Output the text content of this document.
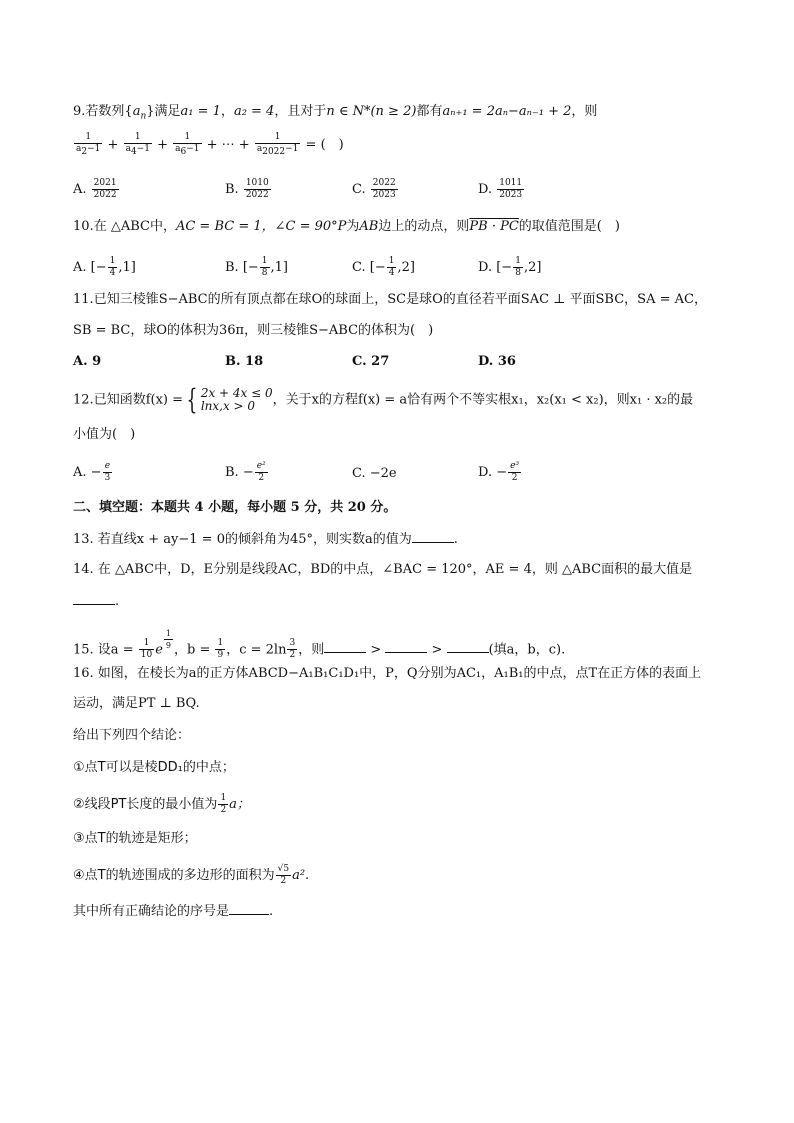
9.若数列$\{a_n\}$满足a₁ = 1，a₂ = 4，且对于n ∈ N*(n ≥ 2)都有aₙ₊₁ = 2aₙ−aₙ₋₁ + 2，则
$\frac{1}{a_2-1} + \frac{1}{a_4-1} + \frac{1}{a_6-1}$ + ⋯ + $\frac{1}{a_{2022}-1}$ = (　)
A. $\frac{2021}{2022}$	B. $\frac{1010}{2022}$	C. $\frac{2022}{2023}$	D. $\frac{1011}{2023}$
10.在 △ABC中，AC = BC = 1，∠C = 90°P为AB边上的动点，则PB · PC的取值范围是(　)
A. [− $\frac{1}{4} ,1$]	B. [− $\frac{1}{8} ,1$]	C. [− $\frac{1}{4} ,2$]	D. [− $\frac{1}{8} ,2$]
11.已知三棱锥S−ABC的所有顶点都在球O的球面上，SC是球O的直径若平面SAC ⊥ 平面SBC，SA = AC，
SB = BC，球O的体积为36π，则三棱锥S−ABC的体积为(　)
A. 9	B. 18	C. 27	D. 36
12.已知函数f(x) = { 2x + 4x ≤ 0
lnx,x > 0	，关于x的方程f(x) = a恰有两个不等实根x₁，x₂(x₁ < x₂)，则x₁ · x₂的最
小值为(　)
A. − $\frac{e}{3}$	B. − $\frac{\text{e²}}{2}$	C. −2e	D. − $\frac{\text{e³}}{2}$
二、填空题：本题共 4 小题，每小题 5 分，共 20 分。
13. 若直线x + ay−1 = 0的倾斜角为45°，则实数a的值为	.
14. 在 △ABC中，D，E分别是线段AC，BD的中点，∠BAC = 120°，AE = 4，则 △ABC面积的最大值是
.
15. 设$a = \frac{1}{10}$ e $^{\frac{1}{9}}$ ，$b = \frac{1}{9}$ ，$c = 2\ln \frac{3}{2}$ ，则	>	>	(填a，b，c).
16. 如图，在棱长为a的正方体ABCD−A₁B₁C₁D₁中，P，Q分别为AC₁，A₁B₁的中点，点T在正方体的表面上
运动，满足PT ⊥ BQ.
给出下列四个结论：
①点T可以是棱DD₁的中点；
②线段PT长度的最小值为 $\frac{1}{2}$ a；
③点T的轨迹是矩形；
④点T的轨迹围成的多边形的面积为 $\frac{√5}{2} a^2$.
其中所有正确结论的序号是	.
